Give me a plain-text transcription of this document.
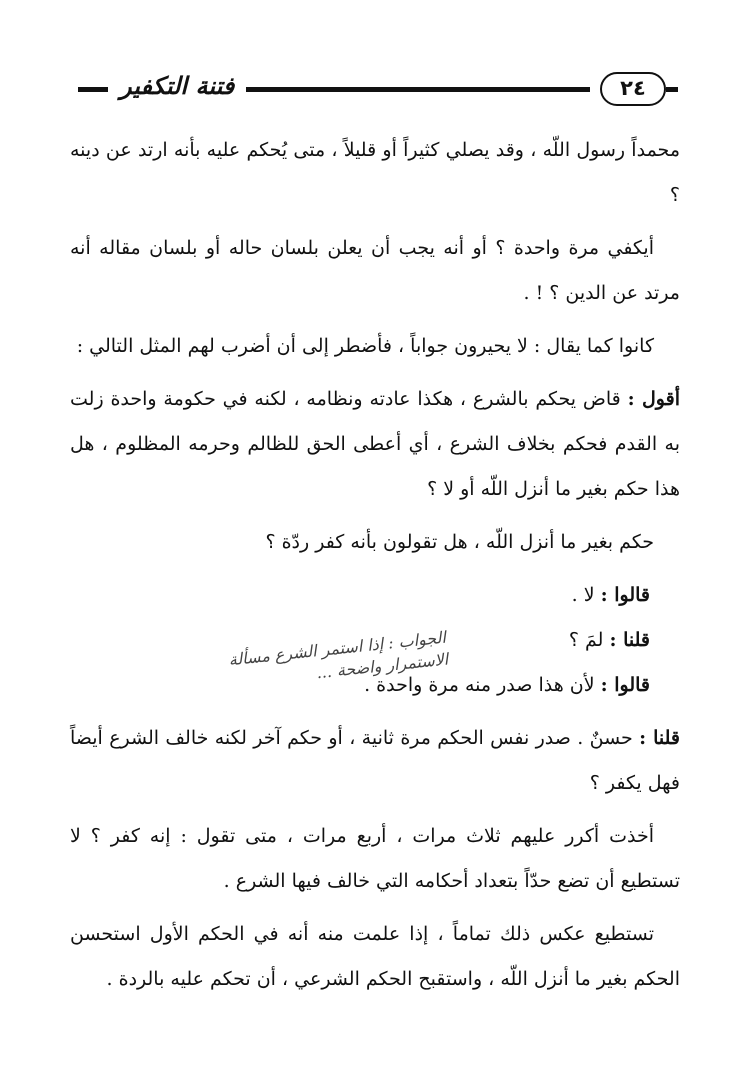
فتنة التكفير	٢٤

محمداً رسول اللّه ، وقد يصلي كثيراً أو قليلاً ، متى يُحكم عليه بأنه ارتد عن دينه ؟

أيكفي مرة واحدة ؟ أو أنه يجب أن يعلن بلسان حاله أو بلسان مقاله أنه مرتد عن الدين ؟ ! .

كانوا كما يقال : لا يحيرون جواباً ، فأضطر إلى أن أضرب لهم المثل التالي :

أقول : قاض يحكم بالشرع ، هكذا عادته ونظامه ، لكنه في حكومة واحدة زلت به القدم فحكم بخلاف الشرع ، أي أعطى الحق للظالم وحرمه المظلوم ، هل هذا حكم بغير ما أنزل اللّه أو لا ؟

حكم بغير ما أنزل اللّه ، هل تقولون بأنه كفر ردّة ؟

قالوا : لا .

قلنا : لمَ ؟

قالوا : لأن هذا صدر منه مرة واحدة .

قلنا : حسنٌ . صدر نفس الحكم مرة ثانية ، أو حكم آخر لكنه خالف الشرع أيضاً فهل يكفر ؟

أخذت أكرر عليهم ثلاث مرات ، أربع مرات ، متى تقول : إنه كفر ؟ لا تستطيع أن تضع حدّاً بتعداد أحكامه التي خالف فيها الشرع .

تستطيع عكس ذلك تماماً ، إذا علمت منه أنه في الحكم الأول استحسن الحكم بغير ما أنزل اللّه ، واستقبح الحكم الشرعي ، أن تحكم عليه بالردة .

الجواب : إذا استمر الشرع مسألة الاستمرار واضحة ...
